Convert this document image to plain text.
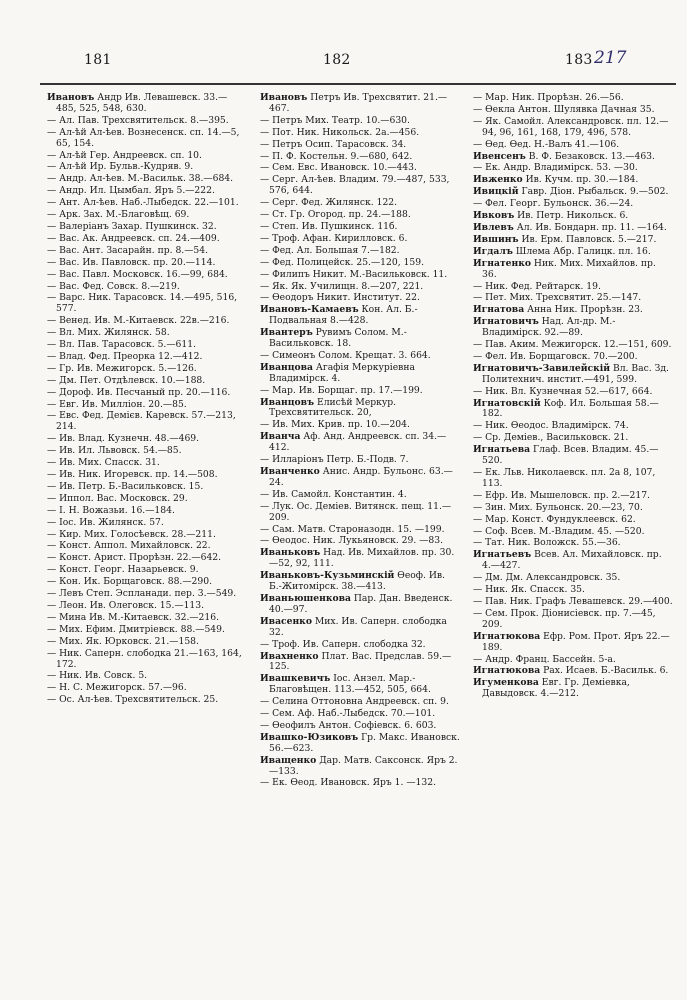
181	182	183 217
Ивановъ Андр Ив. Левашевск. 33.—485, 525, 548, 630.
— Ал. Пав. Трехсвятительск. 8.—395.
— Ал-ѣй Ал-ѣев. Вознесенск. сп. 14.—5, 65, 154.
— Ал-ѣй Гер. Андреевск. сп. 10.
— Ал-ѣй Ир. Бульв.-Кудряв. 9.
— Андр. Ал-ѣев. М.-Васильк. 38.—684.
— Андр. Ил. Цымбал. Яръ 5.—222.
— Ант. Ал-ѣев. Наб.-Лыбедск. 22.—101.
— Арк. Зах. М.-Благовѣщ. 69.
— Валеріанъ Захар. Пушкинск. 32.
— Вас. Ак. Андреевск. сп. 24.—409.
— Вас. Ант. Засарайн. пр. 8.—54.
— Вас. Ив. Павловск. пр. 20.—114.
— Вас. Павл. Московск. 16.—99, 684.
— Вас. Фед. Совск. 8.—219.
— Варс. Ник. Тарасовск. 14.—495, 516, 577.
— Венед. Ив. М.-Китаевск. 22в.—216.
— Вл. Мих. Жилянск. 58.
— Вл. Пав. Тарасовск. 5.—611.
— Влад. Фед. Преорка 12.—412.
— Гр. Ив. Межигорск. 5.—126.
— Дм. Пет. Отдѣлевск. 10.—188.
— Дороф. Ив. Песчаный пр. 20.—116.
— Евг. Ив. Милліон. 20.—85.
— Евс. Фед. Демієв. Каревск. 57.—213, 214.
— Ив. Влад. Кузнечн. 48.—469.
— Ив. Ил. Львовск. 54.—85.
— Ив. Мих. Спасск. 31.
— Ив. Ник. Игоревск. пр. 14.—508.
— Ив. Петр. Б.-Васильковск. 15.
— Иппол. Вас. Московск. 29.
— І. Н. Вожазьи. 16.—184.
— Іос. Ив. Жилянск. 57.
— Кир. Мих. Голосѣевск. 28.—211.
— Конст. Аппол. Михайловск. 22.
— Конст. Арист. Прорѣзн. 22.—642.
— Конст. Георг. Назарьевск. 9.
— Кон. Ик. Борщаговск. 88.—290.
— Левъ Степ. Эспланади. пер. 3.—549.
— Леон. Ив. Олеговск. 15.—113.
— Мина Ив. М.-Китаевск. 32.—216.
— Мих. Ефим. Дмитріевск. 88.—549.
— Мих. Як. Юрковск. 21.—158.
— Ник. Саперн. слободка 21.—163, 164, 172.
— Ник. Ив. Совск. 5.
— Н. С. Межигорск. 57.—96.
— Ос. Ал-ѣев. Трехсвятительск. 25.
Ивановъ Петръ Ив. Трехсвятит. 21.—467.
— Петръ Мих. Театр. 10.—630.
— Пот. Ник. Никольск. 2а.—456.
— Петръ Осип. Тарасовск. 34.
— П. Ф. Костельн. 9.—680, 642.
— Сем. Евс. Ивановск. 10.—443.
— Серг. Ал-ѣев. Владим. 79.—487, 533, 576, 644.
— Серг. Фед. Жилянск. 122.
— Ст. Гр. Огород. пр. 24.—188.
— Степ. Ив. Пушкинск. 11б.
— Троф. Афан. Кирилловск. 6.
— Фед. Ал. Большая 7.—182.
— Фед. Полицейск. 25.—120, 159.
— Филипъ Никит. М.-Васильковск. 11.
— Як. Як. Училищн. 8.—207, 221.
— Ѳеодоръ Никит. Институт. 22.
Ивановъ-Камаевъ Кон. Ал. Б.-Подвальная 8.—428.
Ивантеръ Рувимъ Солом. М.-Васильковск. 18.
— Симеонъ Солом. Крещат. 3. 664.
Иванцова Агафія Меркуріевна Владимірск. 4.
— Мар. Ив. Борщаг. пр. 17.—199.
Иванцовъ Елисѣй Меркур. Трехсвятительск. 20,
— Ив. Мих. Крив. пр. 10.—204.
Иванча Аф. Анд. Андреевск. сп. 34.—412.
— Илларіонъ Петр. Б.-Подв. 7.
Иванченко Анис. Андр. Бульонс. 63.—24.
— Ив. Самойл. Константин. 4.
— Лук. Ос. Деміев. Витянск. пещ. 11.—209.
— Сам. Матв. Староназодн. 15. —199.
— Ѳеодос. Ник. Лукьяновск. 29. —83.
Иваньковъ Над. Ив. Михайлов. пр. 30.—52, 92, 111.
Иваньковъ-Кузьминскій Ѳеоф. Ив. Б.-Житомірск. 38.—413.
Иваньюшенкова Пар. Дан. Введенск. 40.—97.
Ивасенко Мих. Ив. Саперн. слободка 32.
— Троф. Ив. Саперн. слободка 32.
Ивахненко Плат. Вас. Предслав. 59.—125.
Ивашкевичъ Іос. Анзел. Мар.-Благовѣщен. 113.—452, 505, 664.
— Селина Оттоновна Андреевск. сп. 9.
— Сем. Аф. Наб.-Лыбедск. 70.—101.
— Ѳеофилъ Антон. Софіевск. 6. 603.
Ивашко-Юзиковъ Гр. Макс. Ивановск. 56.—623.
Иващенко Дар. Матв. Саксонск. Яръ 2.—133.
— Ек. Ѳеод. Ивановск. Яръ 1. —132.
— Мар. Ник. Прорѣзн. 26.—56.
— Ѳекла Антон. Шулявка Дачная 35.
— Як. Самойл. Александровск. пл. 12.—94, 96, 161, 168, 179, 496, 578.
— Ѳед. Ѳед. Н.-Валъ 41.—106.
Ивенсенъ В. Ф. Безаковск. 13.—463.
— Ек. Андр. Владимірск. 53. —30.
Ивженко Ив. Кучм. пр. 30.—184.
Ивицкій Гавр. Діон. Рыбальск. 9.—502.
— Фел. Георг. Бульонск. 36.—24.
Ивковъ Ив. Петр. Никольск. 6.
Ивлевъ Ал. Ив. Бондарн. пр. 11. —164.
Ившинъ Ив. Ерм. Павловск. 5.—217.
Игдалъ Шлема Абр. Галицк. пл. 16.
Игнатенко Ник. Мих. Михайлов. пр. 36.
— Ник. Фед. Рейтарск. 19.
— Пет. Мих. Трехсвятит. 25.—147.
Игнатова Анна Ник. Прорѣзн. 23.
Игнатовичъ Над. Ал-др. М.-Владимірск. 92.—89.
— Пав. Аким. Межигорск. 12.—151, 609.
— Фел. Ив. Борщаговск. 70.—200.
Игнатовичъ-Завилейскій Вл. Вас. Зд. Политехнич. инстит.—491, 599.
— Ник. Вл. Кузнечная 52.—617, 664.
Игнатовскій Коф. Ил. Большая 58.—182.
— Ник. Ѳеодос. Владимірск. 74.
— Ср. Деміев., Васильковск. 21.
Игнатьева Глаф. Всев. Владим. 45.—520.
— Ек. Льв. Николаевск. пл. 2а 8, 107, 113.
— Ефр. Ив. Мышеловск. пр. 2.—217.
— Зин. Мих. Бульонск. 20.—23, 70.
— Мар. Конст. Фундуклеевск. 62.
— Соф. Всев. М.-Владим. 45. —520.
— Тат. Ник. Воложск. 55.—36.
Игнатьевъ Всев. Ал. Михайловск. пр. 4.—427.
— Дм. Дм. Александровск. 35.
— Ник. Як. Спасск. 35.
— Пав. Ник. Графъ Левашевск. 29.—400.
— Сем. Прок. Діонисіевск. пр. 7.—45, 209.
Игнатюкова Ефр. Ром. Прот. Яръ 22.—189.
— Андр. Франц. Бассейн. 5-а.
Игнатюкова Рах. Исаев. Б.-Васильк. 6.
Игуменкова Евг. Гр. Деміевка, Давыдовск. 4.—212.
